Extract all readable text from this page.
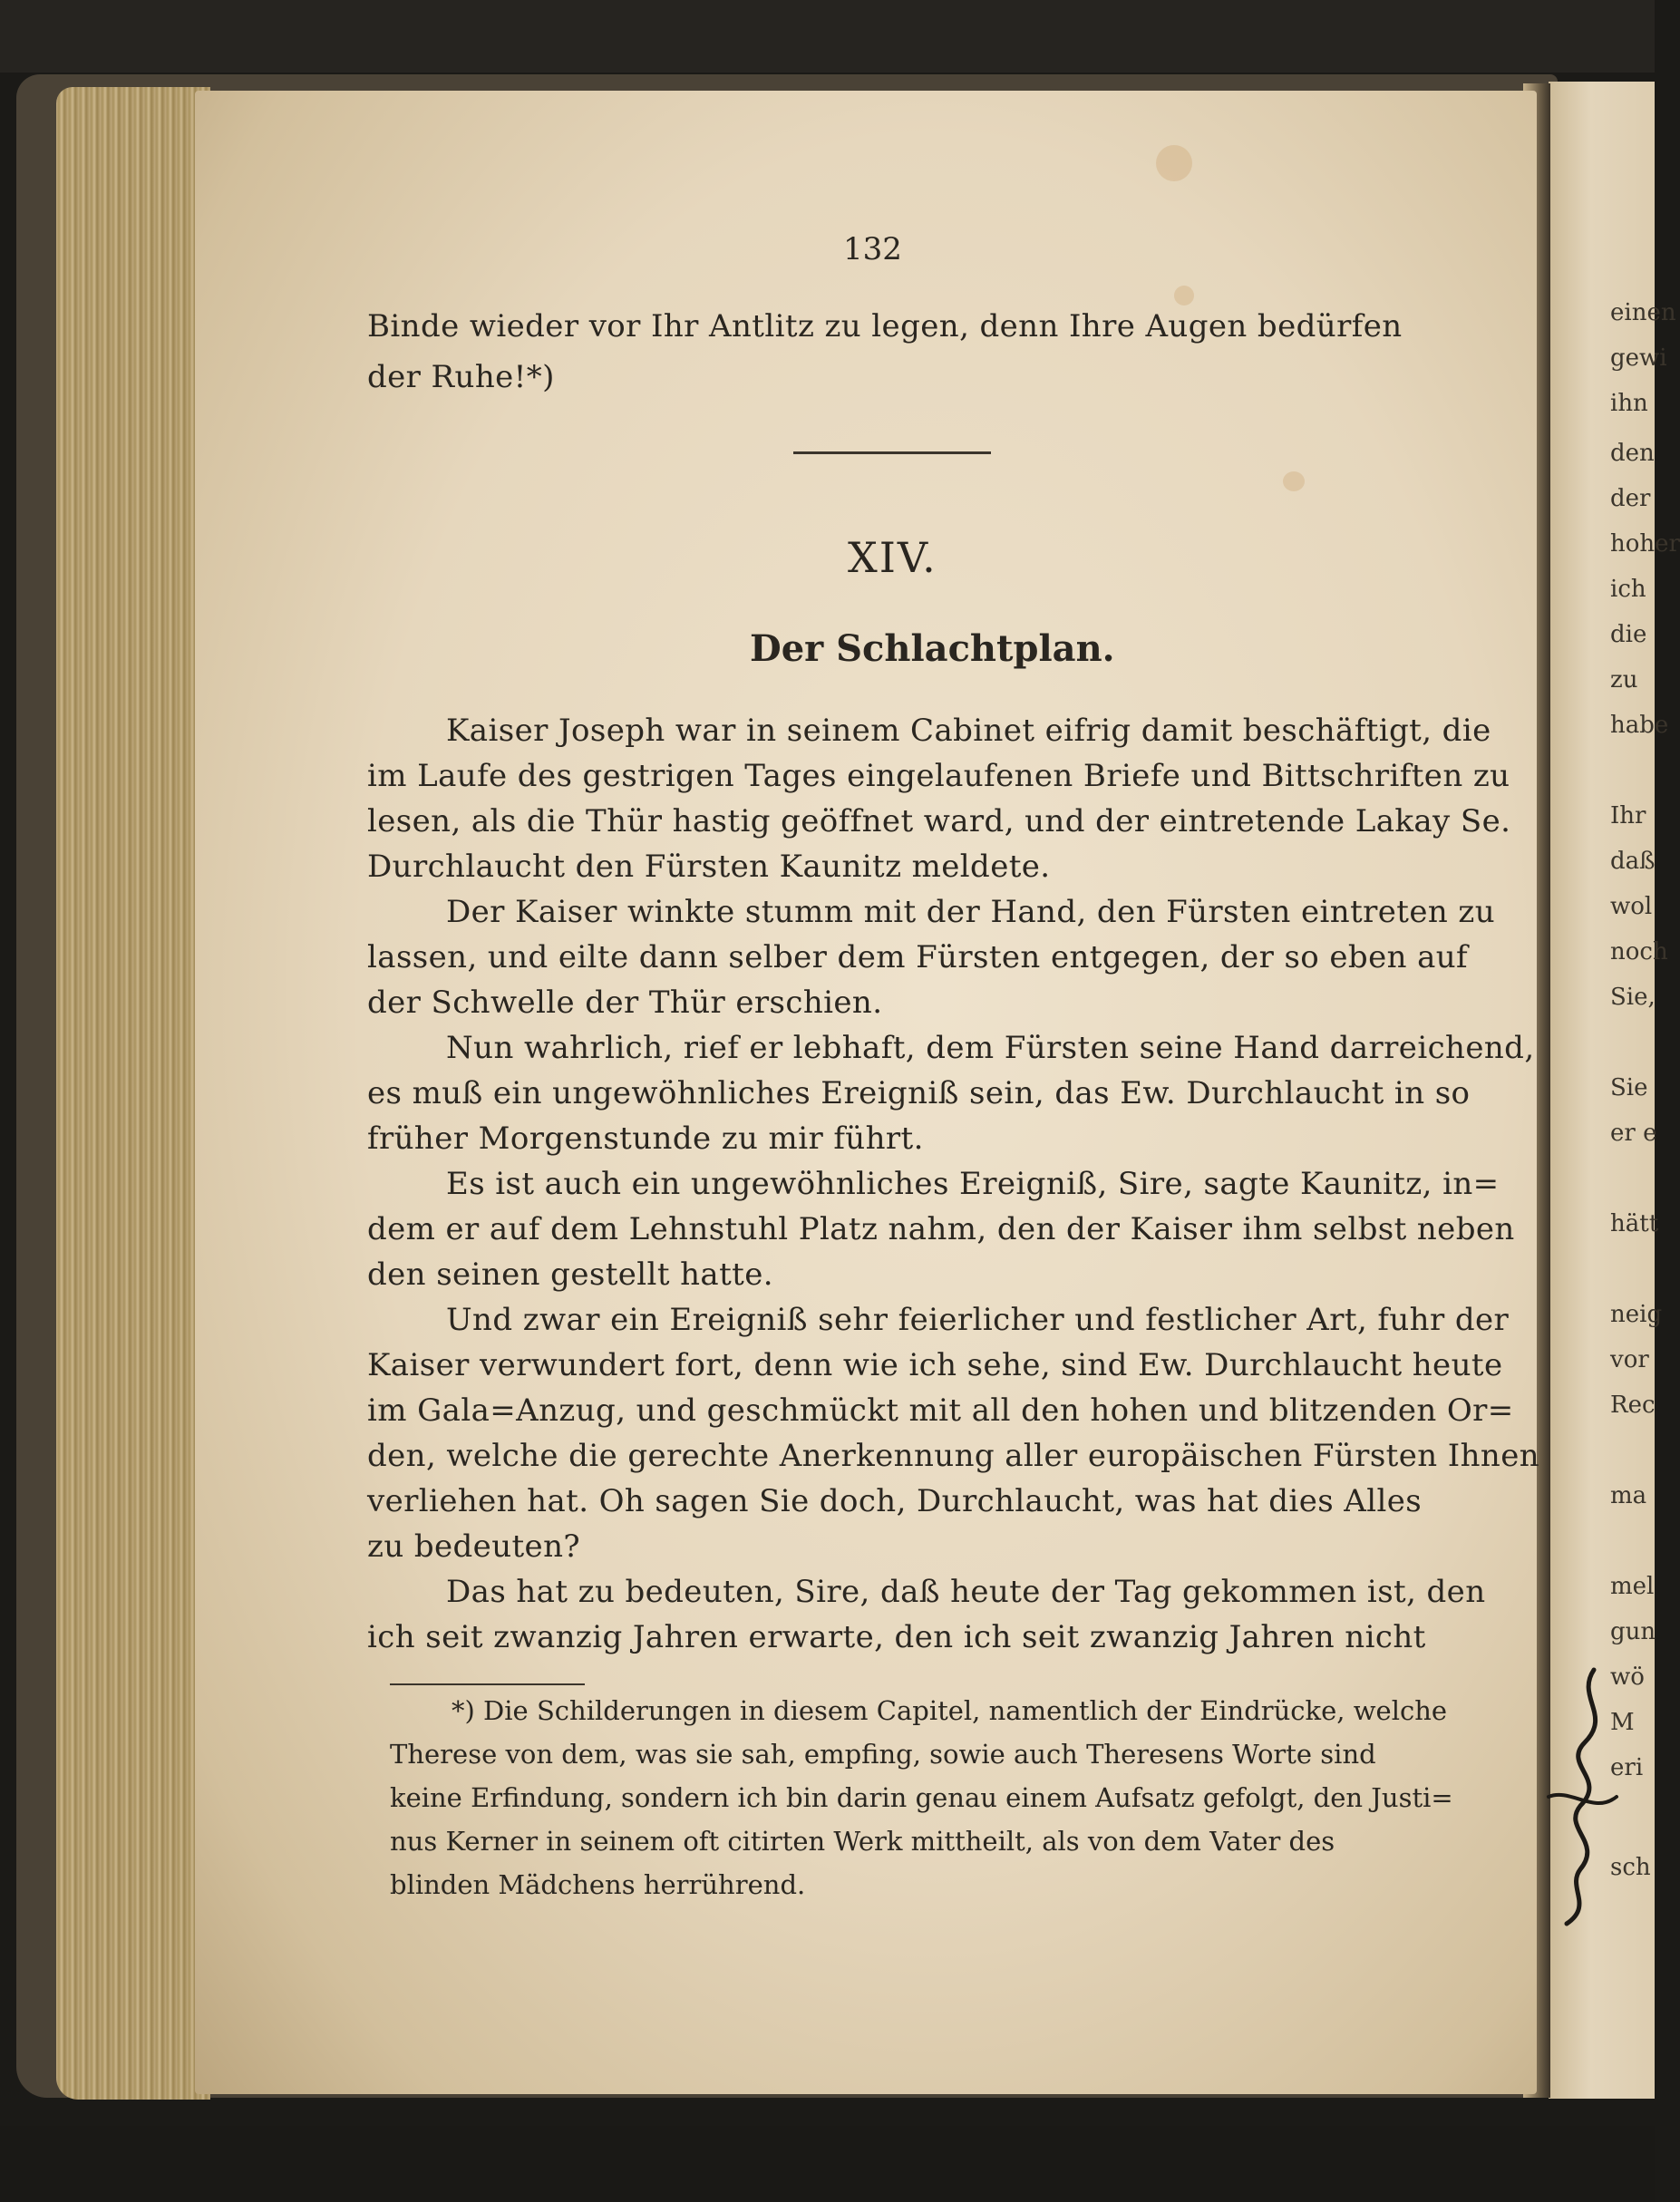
132
Binde wieder vor Ihr Antlitz zu legen, denn Ihre Augen bedürfen
der Ruhe!*)
XIV.
Der Schlachtplan.
Kaiser Joseph war in seinem Cabinet eifrig damit beschäftigt, die
im Laufe des gestrigen Tages eingelaufenen Briefe und Bittschriften zu
lesen, als die Thür hastig geöffnet ward, und der eintretende Lakay Se.
Durchlaucht den Fürsten Kaunitz meldete.
Der Kaiser winkte stumm mit der Hand, den Fürsten eintreten zu
lassen, und eilte dann selber dem Fürsten entgegen, der so eben auf
der Schwelle der Thür erschien.
Nun wahrlich, rief er lebhaft, dem Fürsten seine Hand darreichend,
es muß ein ungewöhnliches Ereigniß sein, das Ew. Durchlaucht in so
früher Morgenstunde zu mir führt.
Es ist auch ein ungewöhnliches Ereigniß, Sire, sagte Kaunitz, in=
dem er auf dem Lehnstuhl Platz nahm, den der Kaiser ihm selbst neben
den seinen gestellt hatte.
Und zwar ein Ereigniß sehr feierlicher und festlicher Art, fuhr der
Kaiser verwundert fort, denn wie ich sehe, sind Ew. Durchlaucht heute
im Gala=Anzug, und geschmückt mit all den hohen und blitzenden Or=
den, welche die gerechte Anerkennung aller europäischen Fürsten Ihnen
verliehen hat. Oh sagen Sie doch, Durchlaucht, was hat dies Alles
zu bedeuten?
Das hat zu bedeuten, Sire, daß heute der Tag gekommen ist, den
ich seit zwanzig Jahren erwarte, den ich seit zwanzig Jahren nicht
*) Die Schilderungen in diesem Capitel, namentlich der Eindrücke, welche
Therese von dem, was sie sah, empfing, sowie auch Theresens Worte sind
keine Erfindung, sondern ich bin darin genau einem Aufsatz gefolgt, den Justi=
nus Kerner in seinem oft citirten Werk mittheilt, als von dem Vater des
blinden Mädchens herrührend.
einen
gewi
ihn
den
der
hoher
ich
die
zu
habe
Ihr
daß
wol
noch
Sie,
Sie
er e
hätt
neig
vor
Rec
ma
mel
gun
wö
M
eri
sch
